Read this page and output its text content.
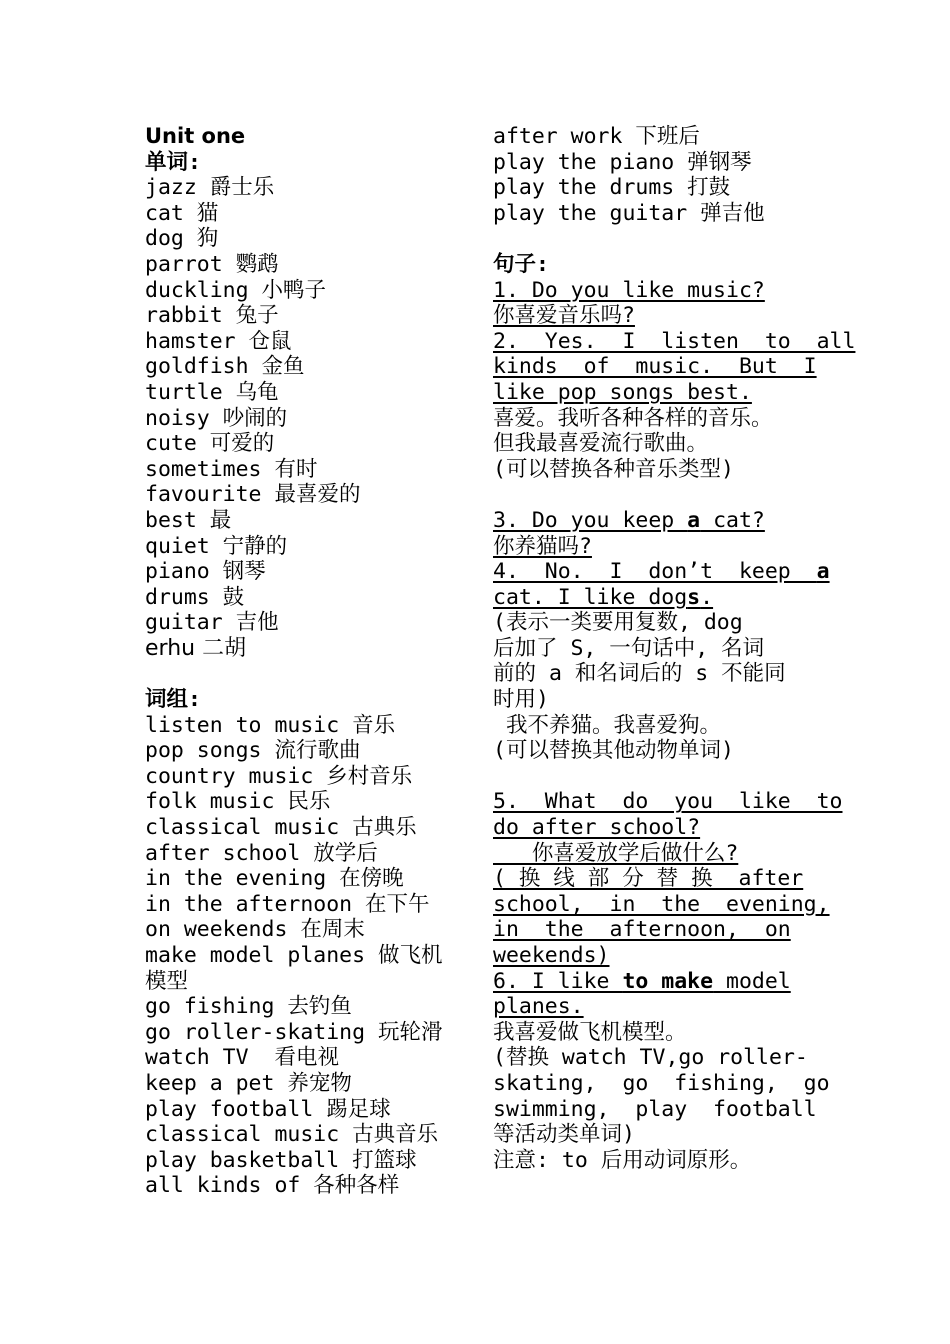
Unit one
单词:
jazz 爵士乐
cat 猫
dog 狗
parrot 鹦鹉
duckling 小鸭子
rabbit 兔子
hamster 仓鼠
goldfish 金鱼
turtle 乌龟
noisy 吵闹的
cute 可爱的
sometimes 有时
favourite 最喜爱的
best 最
quiet 宁静的
piano 钢琴
drums 鼓
guitar 吉他
erhu 二胡
词组:
listen to music 音乐
pop songs 流行歌曲
country music 乡村音乐
folk music 民乐
classical music 古典乐
after school 放学后
in the evening 在傍晚
in the afternoon 在下午
on weekends 在周末
make model planes 做飞机
模型
go fishing 去钓鱼
go roller-skating 玩轮滑
watch TV  看电视
keep a pet 养宠物
play football 踢足球
classical music 古典音乐
play basketball 打篮球
all kinds of 各种各样
after work 下班后
play the piano 弹钢琴
play the drums 打鼓
play the guitar 弹吉他
句子:
1. Do you like music?
你喜爱音乐吗?
2.  Yes.  I  listen  to  all
kinds  of  music.  But  I
like pop songs best.
喜爱。我听各种各样的音乐。
但我最喜爱流行歌曲。
(可以替换各种音乐类型)
3. Do you keep a cat?
你养猫吗?
4.  No.  I  don’t  keep  a
cat. I like dogs.
(表示一类要用复数, dog
后加了 S, 一句话中, 名词
前的 a 和名词后的 s 不能同
时用)
我不养猫。我喜爱狗。
(可以替换其他动物单词)
5.  What  do  you  like  to
do after school?
你喜爱放学后做什么?
( 换 线 部 分 替 换  after
school,  in  the  evening,
in  the  afternoon,  on
weekends)
6. I like to make model
planes.
我喜爱做飞机模型。
(替换 watch TV,go roller-
skating,  go  fishing,  go
swimming,  play  football
等活动类单词)
注意: to 后用动词原形。
